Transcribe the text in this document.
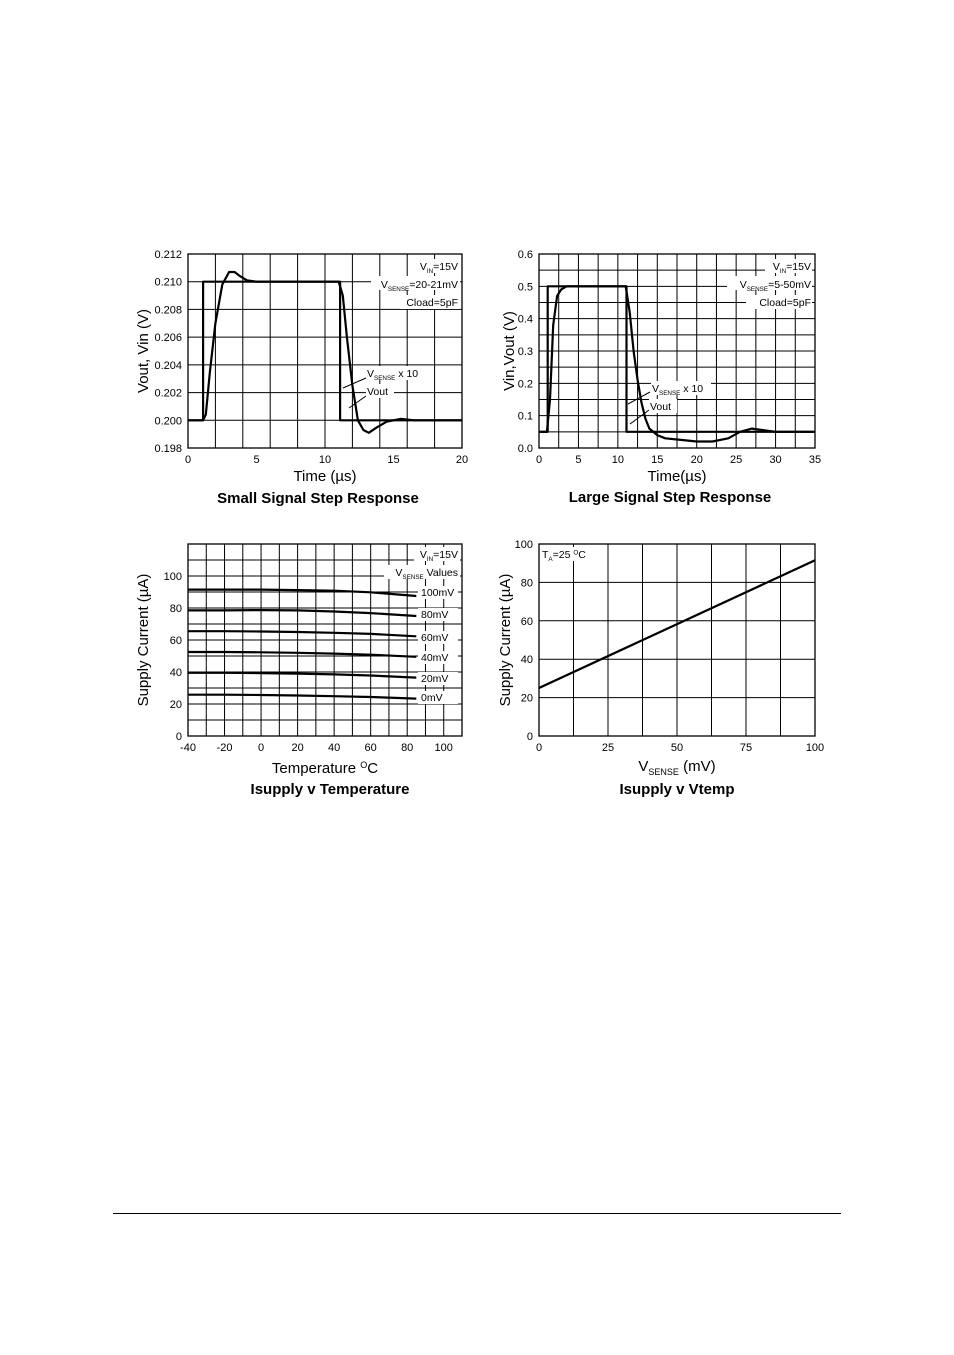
0	5	10	15	20
0.198
0.200
0.202
0.204
0.206
0.208
0.210
0.212
Time (µs)
Vout, Vin (V)
Small Signal Step Response
$V_{IN}=15V$
$V_{SENSE}=20-21mV$
Cload=5pF
$V_{SENSE}$ x 10
Vout
0	5	10 15 20 25 30 35
0.0
0.1
0.2
0.3
0.4
0.5
0.6
Time(µs)
Vin,Vout (V)
Large Signal Step Response
$V_{IN}=15V$
$V_{SENSE}=5-50mV$
Cload=5pF
$V_{SENSE}$ x 10
Vout
-40 -20 0 20 40 60 80 100
0
20
40
60
80
100
Temperature $^O$C
Supply Current (µA)
Isupply v Temperature
$V_{IN}=15V$
$V_{SENSE}$ Values
100mV
80mV
60mV
40mV
20mV
0mV
0	25	50	75	100
0
20
40
60
80
100
$V_{SENSE}$ (mV)
Supply Current (µA)
Isupply v Vtemp
$T_A=25$ $^O$C
